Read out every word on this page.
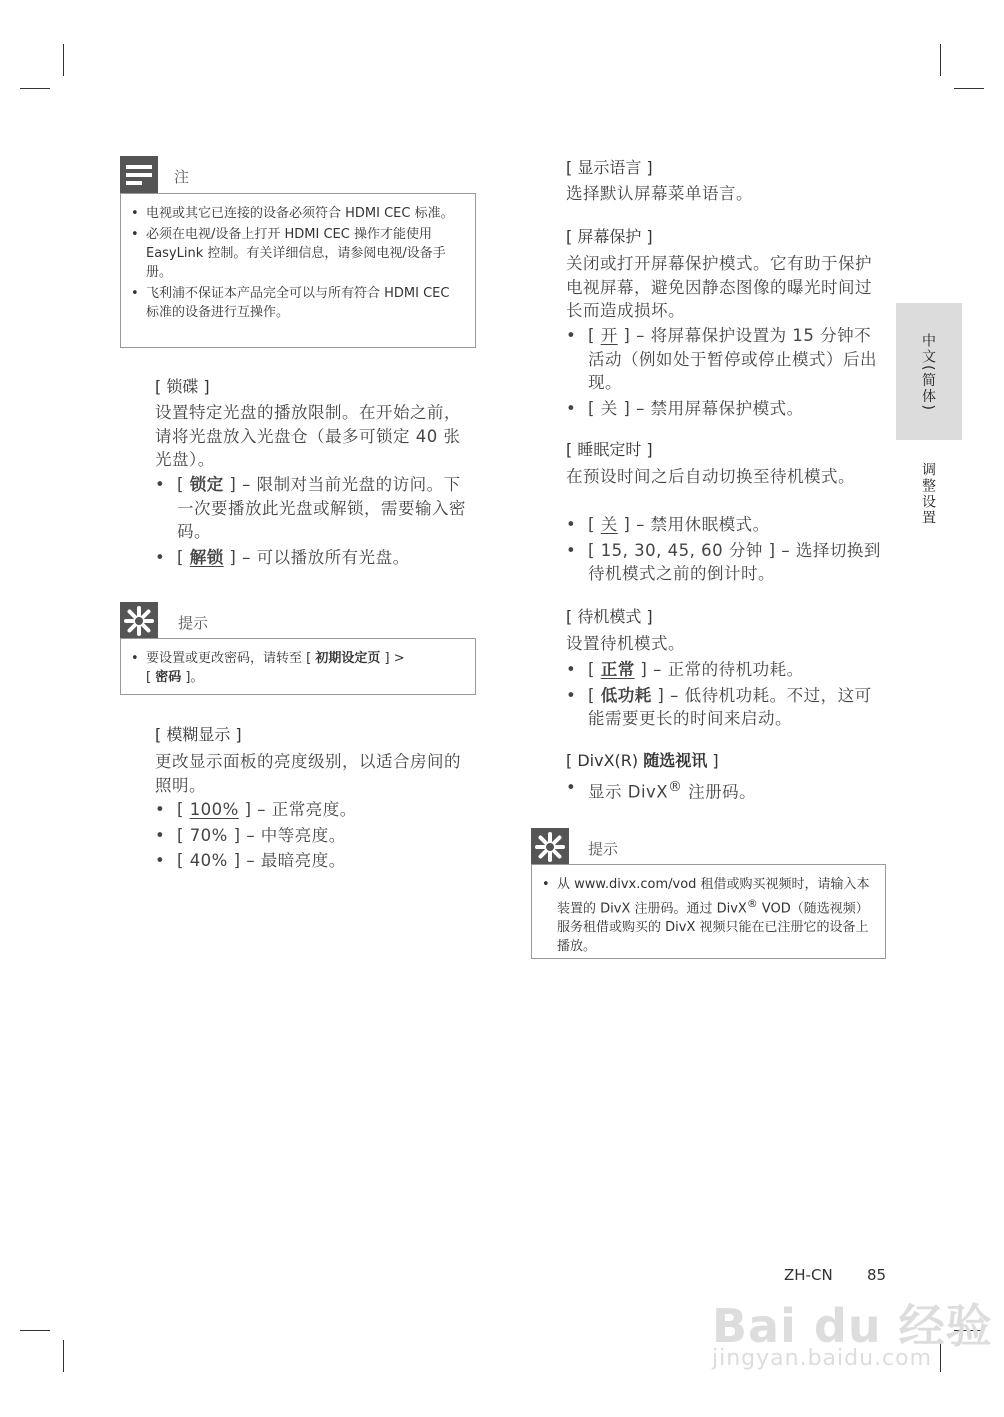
注
• 电视或其它已连接的设备必须符合 HDMI CEC 标准。
• 必须在电视/设备上打开 HDMI CEC 操作才能使用 EasyLink 控制。有关详细信息，请参阅电视/设备手册。
• 飞利浦不保证本产品完全可以与所有符合 HDMI CEC 标准的设备进行互操作。
[ 锁碟 ]
设置特定光盘的播放限制。在开始之前，请将光盘放入光盘仓（最多可锁定 40 张光盘）。
• [ 锁定 ] – 限制对当前光盘的访问。下一次要播放此光盘或解锁，需要输入密码。
• [ 解锁 ] – 可以播放所有光盘。
提示
• 要设置或更改密码，请转至 [ 初期设定页 ] >
[ 密码 ]。
[ 模糊显示 ]
更改显示面板的亮度级别，以适合房间的照明。
• [ 100% ] – 正常亮度。
• [ 70% ] – 中等亮度。
• [ 40% ] – 最暗亮度。
[ 显示语言 ]
选择默认屏幕菜单语言。
[ 屏幕保护 ]
关闭或打开屏幕保护模式。它有助于保护电视屏幕，避免因静态图像的曝光时间过长而造成损坏。
• [ 开 ] – 将屏幕保护设置为 15 分钟不活动（例如处于暂停或停止模式）后出现。
• [ 关 ] – 禁用屏幕保护模式。
[ 睡眠定时 ]
在预设时间之后自动切换至待机模式。
• [ 关 ] – 禁用休眠模式。
• [ 15, 30, 45, 60 分钟 ] – 选择切换到待机模式之前的倒计时。
[ 待机模式 ]
设置待机模式。
• [ 正常 ] – 正常的待机功耗。
• [ 低功耗 ] – 低待机功耗。不过，这可能需要更长的时间来启动。
[ DivX(R) 随选视讯 ]
• 显示 DivX® 注册码。
提示
• 从 www.divx.com/vod 租借或购买视频时，请输入本装置的 DivX 注册码。通过 DivX® VOD（随选视频）服务租借或购买的 DivX 视频只能在已注册它的设备上播放。
中文(简体)
调整设置
ZH-CN 85
Bai du 经验
jingyan.baidu.com
